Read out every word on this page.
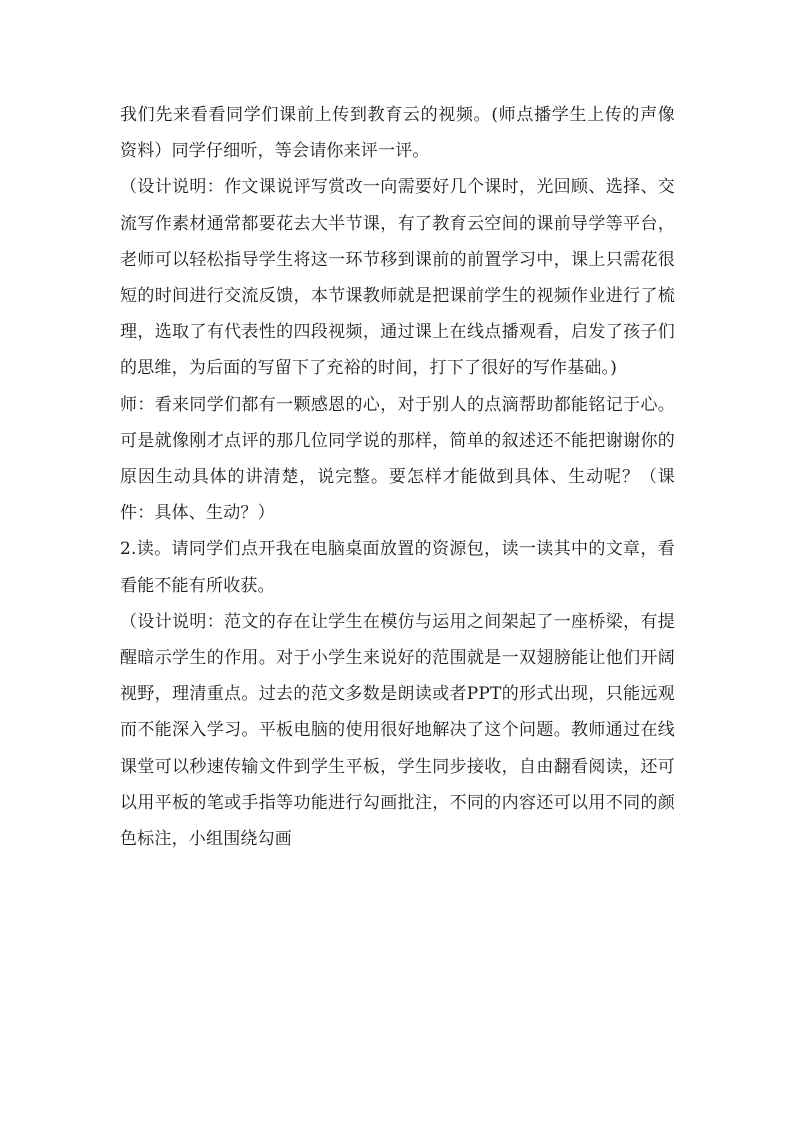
我们先来看看同学们课前上传到教育云的视频。(师点播学生上传的声像资料）同学仔细听，等会请你来评一评。

（设计说明：作文课说评写赏改一向需要好几个课时，光回顾、选择、交流写作素材通常都要花去大半节课，有了教育云空间的课前导学等平台，老师可以轻松指导学生将这一环节移到课前的前置学习中，课上只需花很短的时间进行交流反馈，本节课教师就是把课前学生的视频作业进行了梳理，选取了有代表性的四段视频，通过课上在线点播观看，启发了孩子们的思维，为后面的写留下了充裕的时间，打下了很好的写作基础。)

师：看来同学们都有一颗感恩的心，对于别人的点滴帮助都能铭记于心。可是就像刚才点评的那几位同学说的那样，简单的叙述还不能把谢谢你的原因生动具体的讲清楚，说完整。要怎样才能做到具体、生动呢？（课件：具体、生动？）

2.读。请同学们点开我在电脑桌面放置的资源包，读一读其中的文章，看看能不能有所收获。

（设计说明：范文的存在让学生在模仿与运用之间架起了一座桥梁，有提醒暗示学生的作用。对于小学生来说好的范围就是一双翅膀能让他们开阔视野，理清重点。过去的范文多数是朗读或者PPT的形式出现，只能远观而不能深入学习。平板电脑的使用很好地解决了这个问题。教师通过在线课堂可以秒速传输文件到学生平板，学生同步接收，自由翻看阅读，还可以用平板的笔或手指等功能进行勾画批注，不同的内容还可以用不同的颜色标注，小组围绕勾画
